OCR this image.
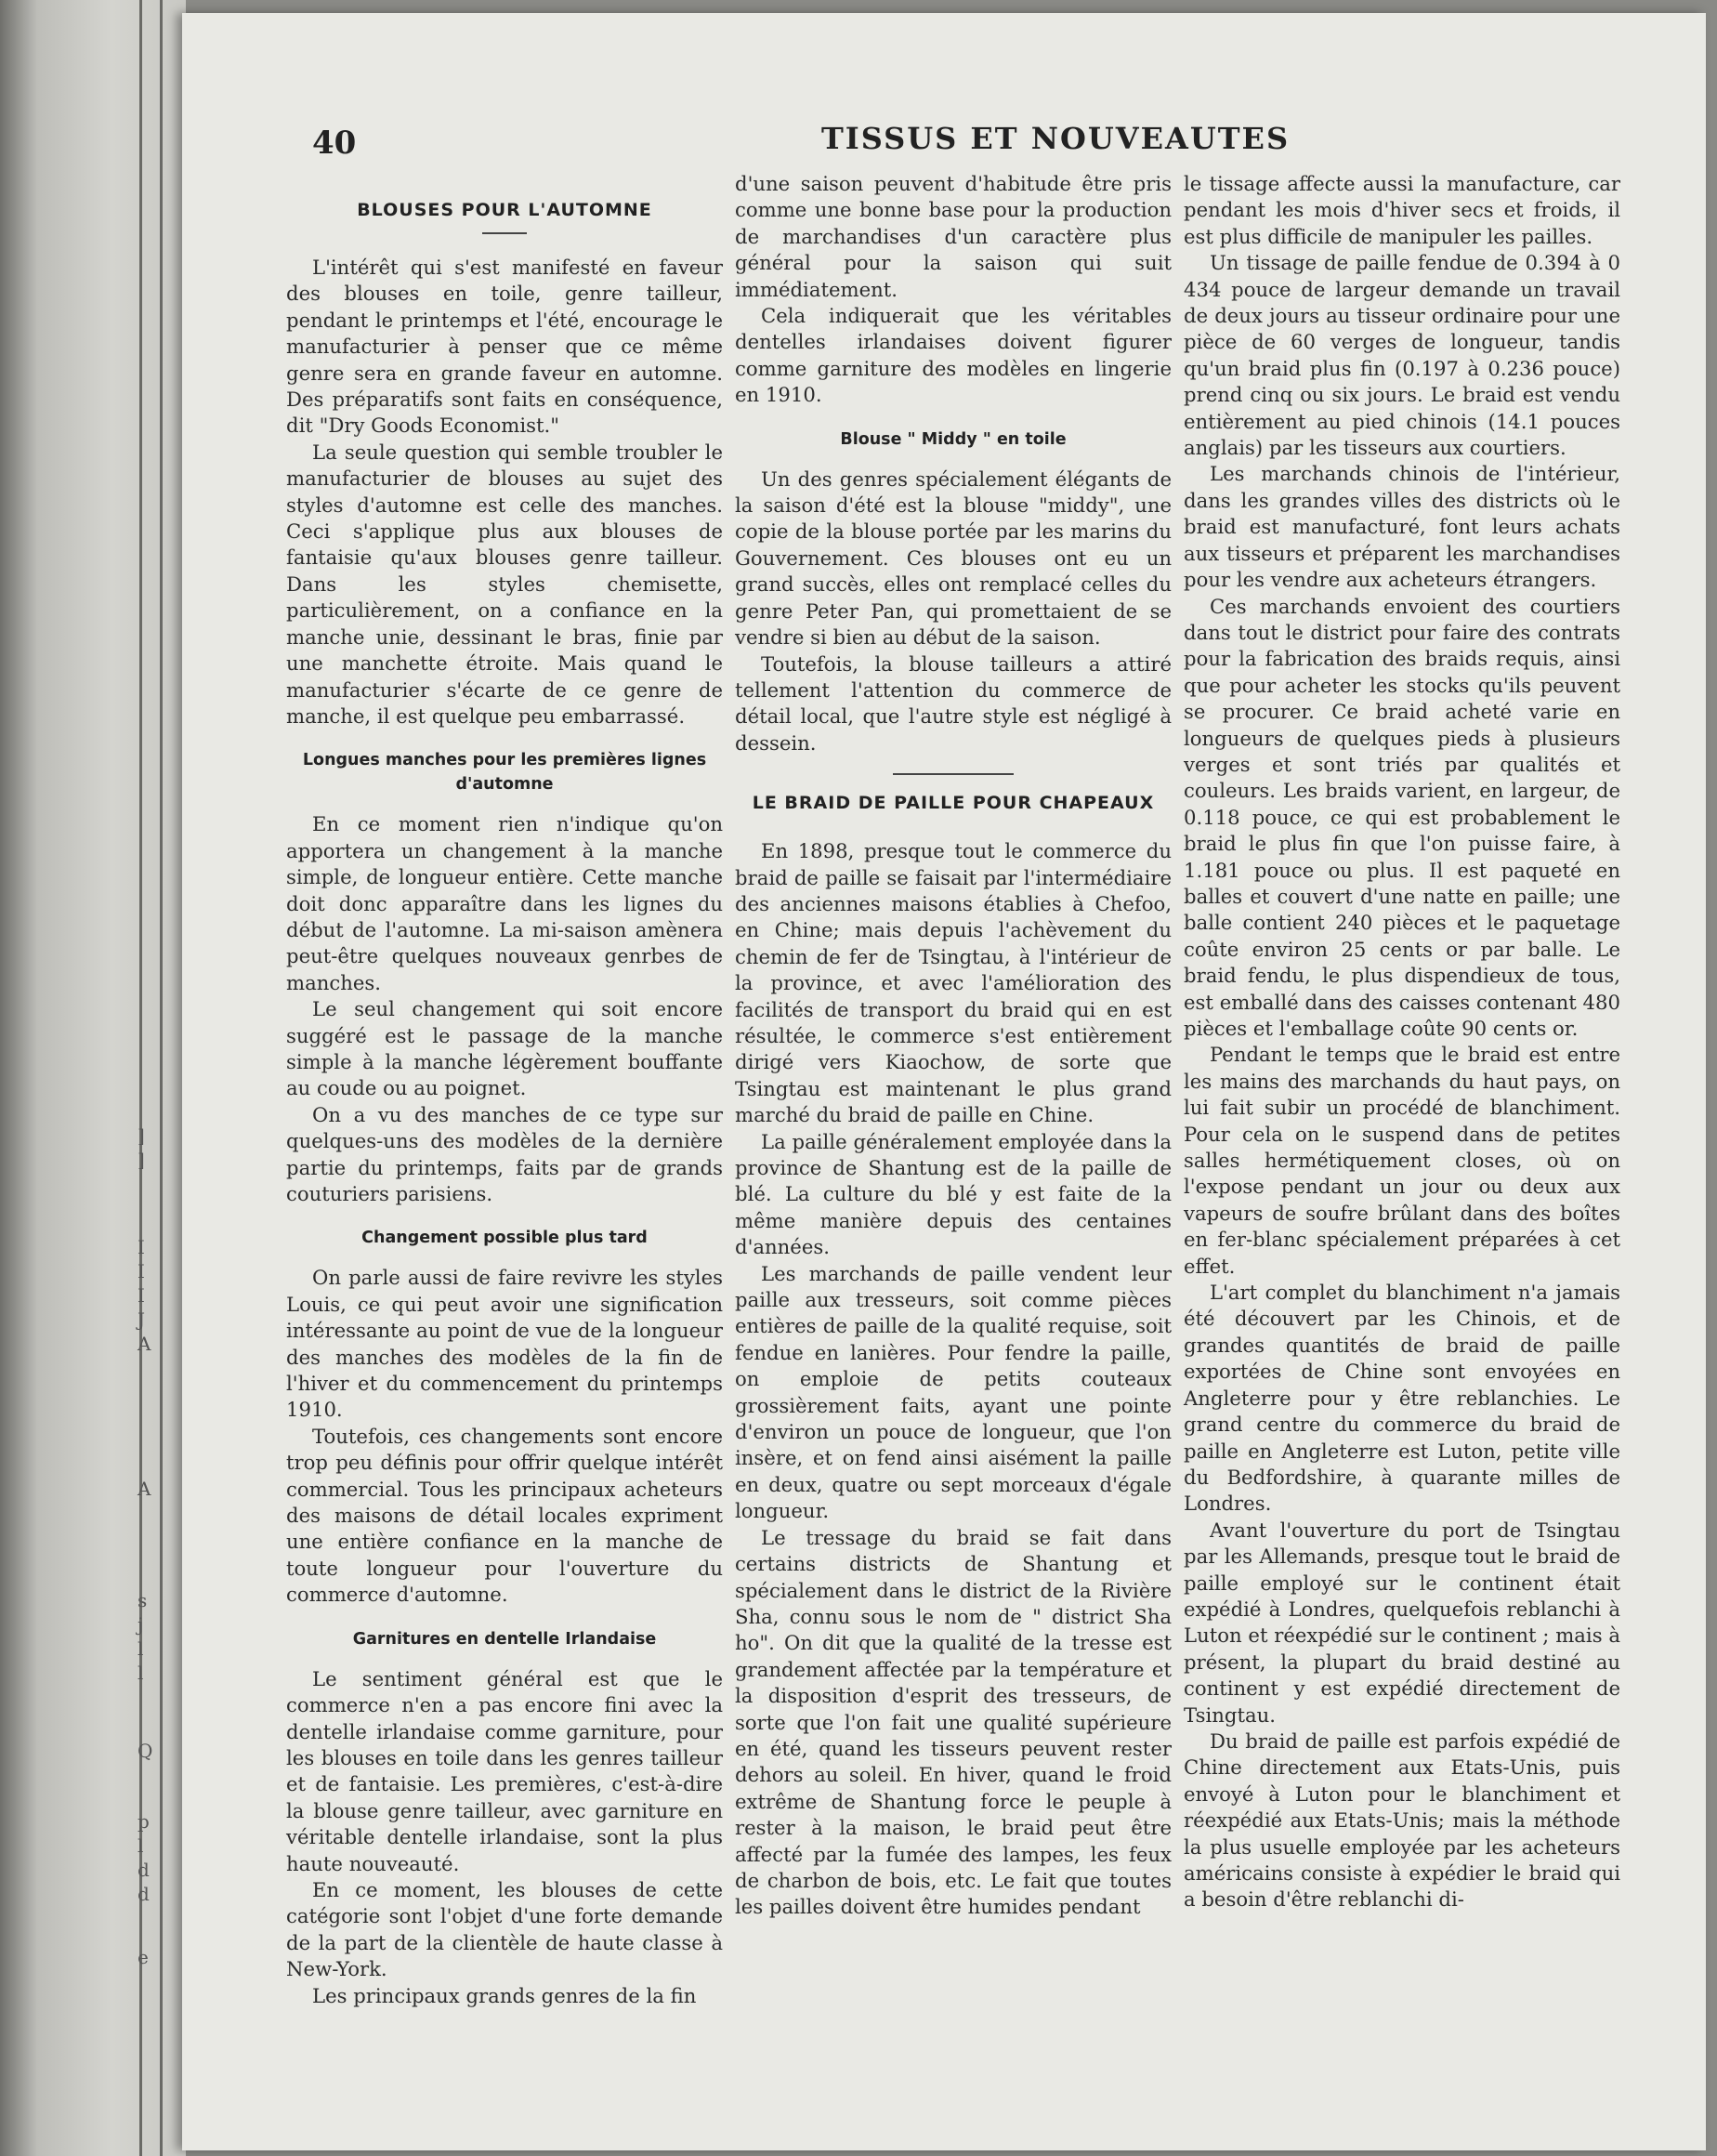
]
]
I
I
I
J
A
A
s
j
l
l
Q
p
l
d
d
e
40	TISSUS ET NOUVEAUTES
BLOUSES POUR L'AUTOMNE

L'intérêt qui s'est manifesté en faveur des blouses en toile, genre tailleur, pendant le printemps et l'été, encourage le manufacturier à penser que ce même genre sera en grande faveur en automne. Des préparatifs sont faits en conséquence, dit "Dry Goods Economist."

La seule question qui semble troubler le manufacturier de blouses au sujet des styles d'automne est celle des manches. Ceci s'applique plus aux blouses de fantaisie qu'aux blouses genre tailleur. Dans les styles chemisette, particulièrement, on a confiance en la manche unie, dessinant le bras, finie par une manchette étroite. Mais quand le manufacturier s'écarte de ce genre de manche, il est quelque peu embarrassé.

Longues manches pour les premières lignes d'automne

En ce moment rien n'indique qu'on apportera un changement à la manche simple, de longueur entière. Cette manche doit donc apparaître dans les lignes du début de l'automne. La mi-saison amènera peut-être quelques nouveaux genrbes de manches.

Le seul changement qui soit encore suggéré est le passage de la manche simple à la manche légèrement bouffante au coude ou au poignet.

On a vu des manches de ce type sur quelques-uns des modèles de la dernière partie du printemps, faits par de grands couturiers parisiens.

Changement possible plus tard

On parle aussi de faire revivre les styles Louis, ce qui peut avoir une signification intéressante au point de vue de la longueur des manches des modèles de la fin de l'hiver et du commencement du printemps 1910.

Toutefois, ces changements sont encore trop peu définis pour offrir quelque intérêt commercial. Tous les principaux acheteurs des maisons de détail locales expriment une entière confiance en la manche de toute longueur pour l'ouverture du commerce d'automne.

Garnitures en dentelle Irlandaise

Le sentiment général est que le commerce n'en a pas encore fini avec la dentelle irlandaise comme garniture, pour les blouses en toile dans les genres tailleur et de fantaisie. Les premières, c'est-à-dire la blouse genre tailleur, avec garniture en véritable dentelle irlandaise, sont la plus haute nouveauté.

En ce moment, les blouses de cette catégorie sont l'objet d'une forte demande de la part de la clientèle de haute classe à New-York.

Les principaux grands genres de la fin

d'une saison peuvent d'habitude être pris comme une bonne base pour la production de marchandises d'un caractère plus général pour la saison qui suit immédiatement.

Cela indiquerait que les véritables dentelles irlandaises doivent figurer comme garniture des modèles en lingerie en 1910.

Blouse " Middy " en toile

Un des genres spécialement élégants de la saison d'été est la blouse "middy", une copie de la blouse portée par les marins du Gouvernement. Ces blouses ont eu un grand succès, elles ont remplacé celles du genre Peter Pan, qui promettaient de se vendre si bien au début de la saison.

Toutefois, la blouse tailleurs a attiré tellement l'attention du commerce de détail local, que l'autre style est négligé à dessein.

LE BRAID DE PAILLE POUR CHAPEAUX

En 1898, presque tout le commerce du braid de paille se faisait par l'intermédiaire des anciennes maisons établies à Chefoo, en Chine; mais depuis l'achèvement du chemin de fer de Tsingtau, à l'intérieur de la province, et avec l'amélioration des facilités de transport du braid qui en est résultée, le commerce s'est entièrement dirigé vers Kiaochow, de sorte que Tsingtau est maintenant le plus grand marché du braid de paille en Chine.

La paille généralement employée dans la province de Shantung est de la paille de blé. La culture du blé y est faite de la même manière depuis des centaines d'années.

Les marchands de paille vendent leur paille aux tresseurs, soit comme pièces entières de paille de la qualité requise, soit fendue en lanières. Pour fendre la paille, on emploie de petits couteaux grossièrement faits, ayant une pointe d'environ un pouce de longueur, que l'on insère, et on fend ainsi aisément la paille en deux, quatre ou sept morceaux d'égale longueur.

Le tressage du braid se fait dans certains districts de Shantung et spécialement dans le district de la Rivière Sha, connu sous le nom de " district Sha ho". On dit que la qualité de la tresse est grandement affectée par la température et la disposition d'esprit des tresseurs, de sorte que l'on fait une qualité supérieure en été, quand les tisseurs peuvent rester dehors au soleil. En hiver, quand le froid extrême de Shantung force le peuple à rester à la maison, le braid peut être affecté par la fumée des lampes, les feux de charbon de bois, etc. Le fait que toutes les pailles doivent être humides pendant

le tissage affecte aussi la manufacture, car pendant les mois d'hiver secs et froids, il est plus difficile de manipuler les pailles.

Un tissage de paille fendue de 0.394 à 0 434 pouce de largeur demande un travail de deux jours au tisseur ordinaire pour une pièce de 60 verges de longueur, tandis qu'un braid plus fin (0.197 à 0.236 pouce) prend cinq ou six jours. Le braid est vendu entièrement au pied chinois (14.1 pouces anglais) par les tisseurs aux courtiers.

Les marchands chinois de l'intérieur, dans les grandes villes des districts où le braid est manufacturé, font leurs achats aux tisseurs et préparent les marchandises pour les vendre aux acheteurs étrangers.

Ces marchands envoient des courtiers dans tout le district pour faire des contrats pour la fabrication des braids requis, ainsi que pour acheter les stocks qu'ils peuvent se procurer. Ce braid acheté varie en longueurs de quelques pieds à plusieurs verges et sont triés par qualités et couleurs. Les braids varient, en largeur, de 0.118 pouce, ce qui est probablement le braid le plus fin que l'on puisse faire, à 1.181 pouce ou plus. Il est paqueté en balles et couvert d'une natte en paille; une balle contient 240 pièces et le paquetage coûte environ 25 cents or par balle. Le braid fendu, le plus dispendieux de tous, est emballé dans des caisses contenant 480 pièces et l'emballage coûte 90 cents or.

Pendant le temps que le braid est entre les mains des marchands du haut pays, on lui fait subir un procédé de blanchiment. Pour cela on le suspend dans de petites salles hermétiquement closes, où on l'expose pendant un jour ou deux aux vapeurs de soufre brûlant dans des boîtes en fer-blanc spécialement préparées à cet effet.

L'art complet du blanchiment n'a jamais été découvert par les Chinois, et de grandes quantités de braid de paille exportées de Chine sont envoyées en Angleterre pour y être reblanchies. Le grand centre du commerce du braid de paille en Angleterre est Luton, petite ville du Bedfordshire, à quarante milles de Londres.

Avant l'ouverture du port de Tsingtau par les Allemands, presque tout le braid de paille employé sur le continent était expédié à Londres, quelquefois reblanchi à Luton et réexpédié sur le continent ; mais à présent, la plupart du braid destiné au continent y est expédié directement de Tsingtau.

Du braid de paille est parfois expédié de Chine directement aux Etats-Unis, puis envoyé à Luton pour le blanchiment et réexpédié aux Etats-Unis; mais la méthode la plus usuelle employée par les acheteurs américains consiste à expédier le braid qui a besoin d'être reblanchi di-
